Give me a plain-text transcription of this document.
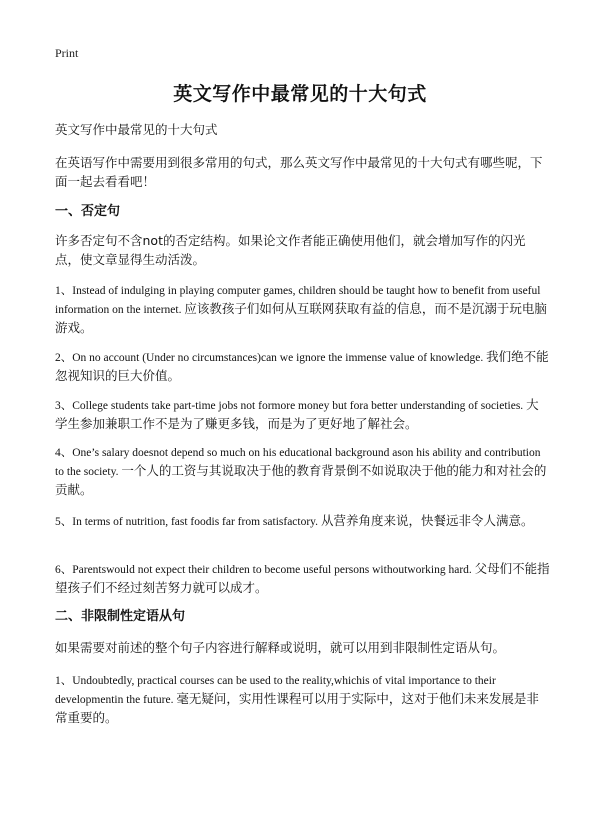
Print
英文写作中最常见的十大句式

英文写作中最常见的十大句式

在英语写作中需要用到很多常用的句式，那么英文写作中最常见的十大句式有哪些呢，下面一起去看看吧！

一、否定句

许多否定句不含not的否定结构。如果论文作者能正确使用他们，就会增加写作的闪光点，使文章显得生动活泼。

1、Instead of indulging in playing computer games, children should be taught how to benefit from useful information on the internet. 应该教孩子们如何从互联网获取有益的信息，而不是沉溺于玩电脑游戏。

2、On no account (Under no circumstances)can we ignore the immense value of knowledge. 我们绝不能忽视知识的巨大价值。

3、College students take part-time jobs not formore money but fora better understanding of societies. 大学生参加兼职工作不是为了赚更多钱，而是为了更好地了解社会。

4、One’s salary doesnot depend so much on his educational background ason his ability and contribution to the society. 一个人的工资与其说取决于他的教育背景倒不如说取决于他的能力和对社会的贡献。

5、In terms of nutrition, fast foodis far from satisfactory. 从营养角度来说，快餐远非令人满意。

6、Parentswould not expect their children to become useful persons withoutworking hard. 父母们不能指望孩子们不经过刻苦努力就可以成才。

二、非限制性定语从句

如果需要对前述的整个句子内容进行解释或说明，就可以用到非限制性定语从句。

1、Undoubtedly, practical courses can be used to the reality,whichis of vital importance to their developmentin the future. 毫无疑问，实用性课程可以用于实际中，这对于他们未来发展是非常重要的。
